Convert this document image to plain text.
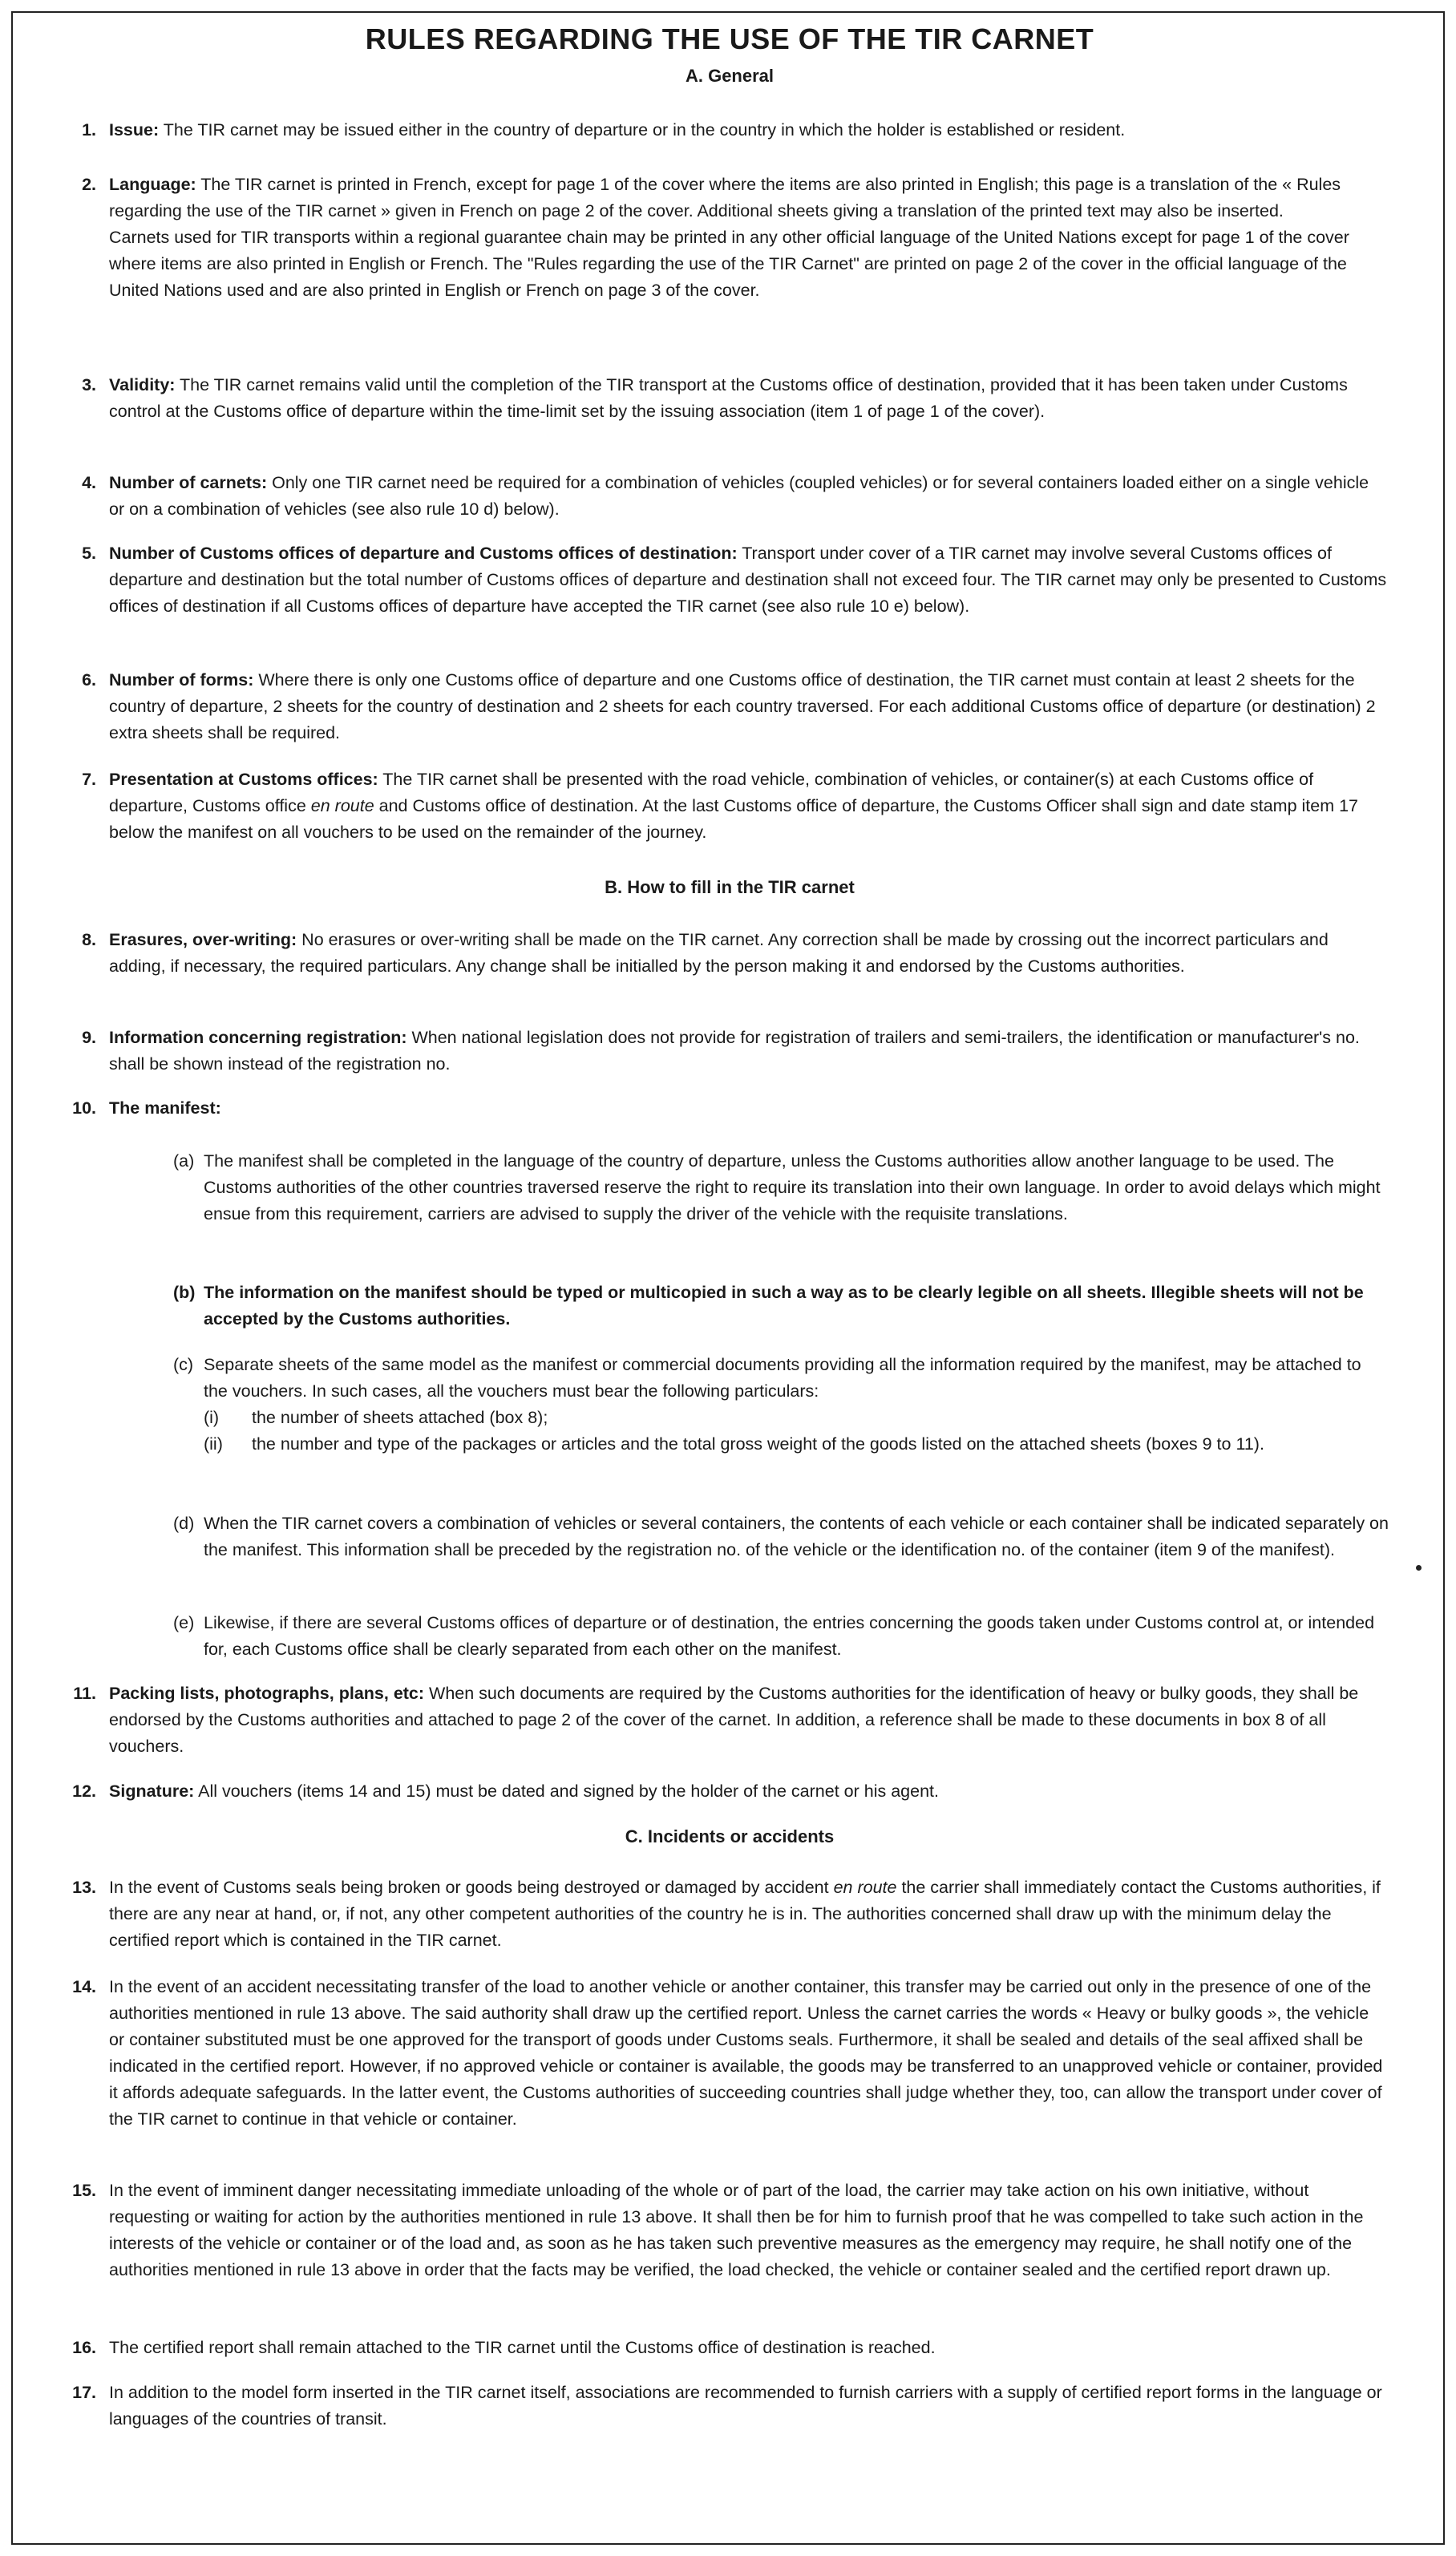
RULES REGARDING THE USE OF THE TIR CARNET
A. General
1. Issue: The TIR carnet may be issued either in the country of departure or in the country in which the holder is established or resident.
2. Language: The TIR carnet is printed in French, except for page 1 of the cover where the items are also printed in English; this page is a translation of the « Rules regarding the use of the TIR carnet » given in French on page 2 of the cover. Additional sheets giving a translation of the printed text may also be inserted.
Carnets used for TIR transports within a regional guarantee chain may be printed in any other official language of the United Nations except for page 1 of the cover where items are also printed in English or French. The "Rules regarding the use of the TIR Carnet" are printed on page 2 of the cover in the official language of the United Nations used and are also printed in English or French on page 3 of the cover.
3. Validity: The TIR carnet remains valid until the completion of the TIR transport at the Customs office of destination, provided that it has been taken under Customs control at the Customs office of departure within the time-limit set by the issuing association (item 1 of page 1 of the cover).
4. Number of carnets: Only one TIR carnet need be required for a combination of vehicles (coupled vehicles) or for several containers loaded either on a single vehicle or on a combination of vehicles (see also rule 10 d) below).
5. Number of Customs offices of departure and Customs offices of destination: Transport under cover of a TIR carnet may involve several Customs offices of departure and destination but the total number of Customs offices of departure and destination shall not exceed four. The TIR carnet may only be presented to Customs offices of destination if all Customs offices of departure have accepted the TIR carnet (see also rule 10 e) below).
6. Number of forms: Where there is only one Customs office of departure and one Customs office of destination, the TIR carnet must contain at least 2 sheets for the country of departure, 2 sheets for the country of destination and 2 sheets for each country traversed. For each additional Customs office of departure (or destination) 2 extra sheets shall be required.
7. Presentation at Customs offices: The TIR carnet shall be presented with the road vehicle, combination of vehicles, or container(s) at each Customs office of departure, Customs office en route and Customs office of destination. At the last Customs office of departure, the Customs Officer shall sign and date stamp item 17 below the manifest on all vouchers to be used on the remainder of the journey.
B. How to fill in the TIR carnet
8. Erasures, over-writing: No erasures or over-writing shall be made on the TIR carnet. Any correction shall be made by crossing out the incorrect particulars and adding, if necessary, the required particulars. Any change shall be initialled by the person making it and endorsed by the Customs authorities.
9. Information concerning registration: When national legislation does not provide for registration of trailers and semi-trailers, the identification or manufacturer's no. shall be shown instead of the registration no.
10. The manifest:
(a) The manifest shall be completed in the language of the country of departure, unless the Customs authorities allow another language to be used. The Customs authorities of the other countries traversed reserve the right to require its translation into their own language. In order to avoid delays which might ensue from this requirement, carriers are advised to supply the driver of the vehicle with the requisite translations.
(b) The information on the manifest should be typed or multicopied in such a way as to be clearly legible on all sheets. Illegible sheets will not be accepted by the Customs authorities.
(c) Separate sheets of the same model as the manifest or commercial documents providing all the information required by the manifest, may be attached to the vouchers. In such cases, all the vouchers must bear the following particulars:
(i) the number of sheets attached (box 8);
(ii) the number and type of the packages or articles and the total gross weight of the goods listed on the attached sheets (boxes 9 to 11).
(d) When the TIR carnet covers a combination of vehicles or several containers, the contents of each vehicle or each container shall be indicated separately on the manifest. This information shall be preceded by the registration no. of the vehicle or the identification no. of the container (item 9 of the manifest).
(e) Likewise, if there are several Customs offices of departure or of destination, the entries concerning the goods taken under Customs control at, or intended for, each Customs office shall be clearly separated from each other on the manifest.
11. Packing lists, photographs, plans, etc: When such documents are required by the Customs authorities for the identification of heavy or bulky goods, they shall be endorsed by the Customs authorities and attached to page 2 of the cover of the carnet. In addition, a reference shall be made to these documents in box 8 of all vouchers.
12. Signature: All vouchers (items 14 and 15) must be dated and signed by the holder of the carnet or his agent.
C. Incidents or accidents
13. In the event of Customs seals being broken or goods being destroyed or damaged by accident en route the carrier shall immediately contact the Customs authorities, if there are any near at hand, or, if not, any other competent authorities of the country he is in. The authorities concerned shall draw up with the minimum delay the certified report which is contained in the TIR carnet.
14. In the event of an accident necessitating transfer of the load to another vehicle or another container, this transfer may be carried out only in the presence of one of the authorities mentioned in rule 13 above. The said authority shall draw up the certified report. Unless the carnet carries the words « Heavy or bulky goods », the vehicle or container substituted must be one approved for the transport of goods under Customs seals. Furthermore, it shall be sealed and details of the seal affixed shall be indicated in the certified report. However, if no approved vehicle or container is available, the goods may be transferred to an unapproved vehicle or container, provided it affords adequate safeguards. In the latter event, the Customs authorities of succeeding countries shall judge whether they, too, can allow the transport under cover of the TIR carnet to continue in that vehicle or container.
15. In the event of imminent danger necessitating immediate unloading of the whole or of part of the load, the carrier may take action on his own initiative, without requesting or waiting for action by the authorities mentioned in rule 13 above. It shall then be for him to furnish proof that he was compelled to take such action in the interests of the vehicle or container or of the load and, as soon as he has taken such preventive measures as the emergency may require, he shall notify one of the authorities mentioned in rule 13 above in order that the facts may be verified, the load checked, the vehicle or container sealed and the certified report drawn up.
16. The certified report shall remain attached to the TIR carnet until the Customs office of destination is reached.
17. In addition to the model form inserted in the TIR carnet itself, associations are recommended to furnish carriers with a supply of certified report forms in the language or languages of the countries of transit.
